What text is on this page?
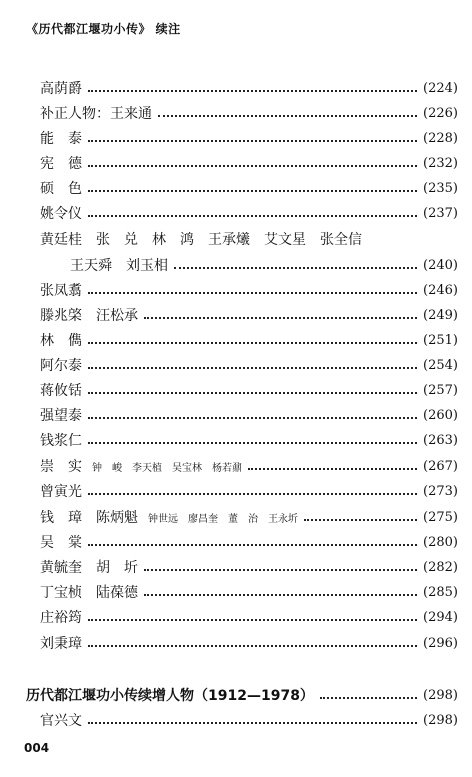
《历代都江堰功小传》 续注
高荫爵	(224)
补正人物：王来通	(226)
能　泰	(228)
宪　德	(232)
硕　色	(235)
姚令仪	(237)
黄廷桂　张　兑　林　鸿　王承爔　艾文星　张全信
王天舜　刘玉相	(240)
张凤翥	(246)
滕兆棨　汪松承	(249)
林　儁	(251)
阿尔泰	(254)
蒋攸铦	(257)
强望泰	(260)
钱浆仁	(263)
崇　实 钟　峻　李天植　吴宝林　杨若鼐	(267)
曾寅光	(273)
钱　璋　陈炳魁 钟世远　廖昌奎　董　治　王永圻	(275)
吴　棠	(280)
黄毓奎　胡　圻	(282)
丁宝桢　陆葆德	(285)
庄裕筠	(294)
刘秉璋	(296)
历代都江堰功小传续增人物（1912—1978）	(298)
官兴文	(298)
004
